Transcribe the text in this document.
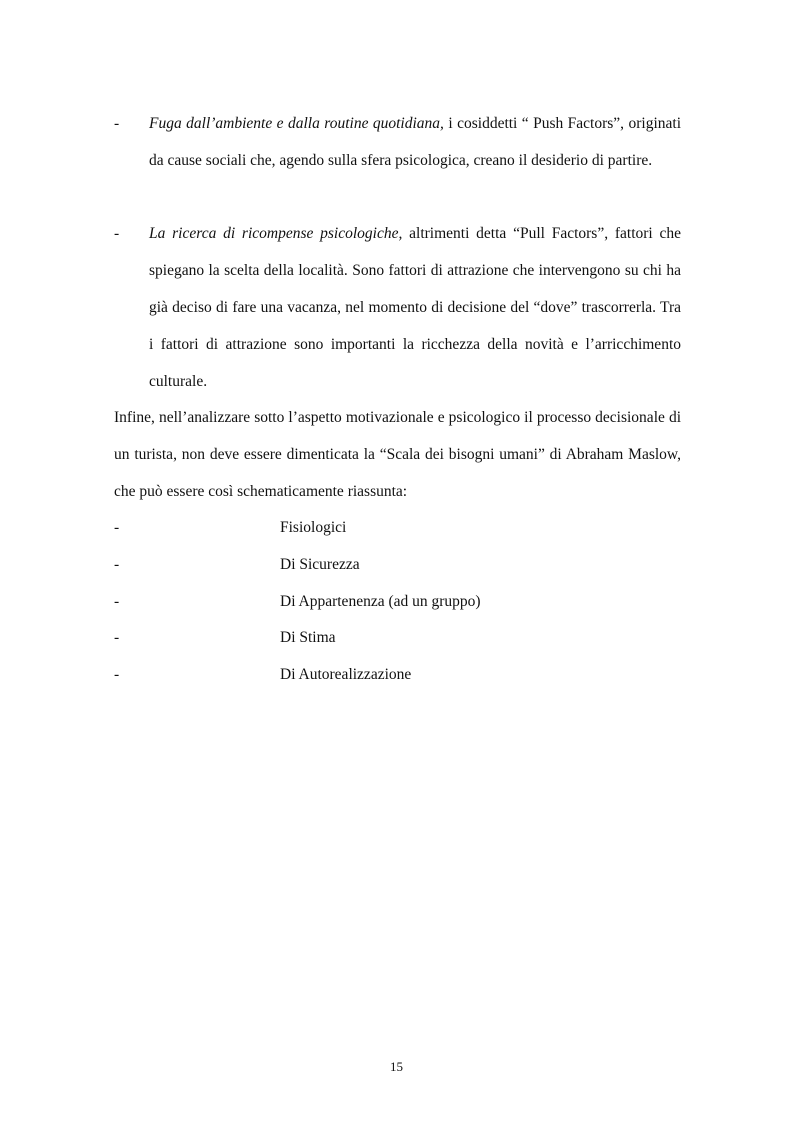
- Fuga dall’ambiente e dalla routine quotidiana, i cosiddetti “ Push Factors”, originati da cause sociali che, agendo sulla sfera psicologica, creano il desiderio di partire.
- La ricerca di ricompense psicologiche, altrimenti detta “Pull Factors”, fattori che spiegano la scelta della località. Sono fattori di attrazione che intervengono su chi ha già deciso di fare una vacanza, nel momento di decisione del “dove” trascorrerla. Tra i fattori di attrazione sono importanti la ricchezza della novità e l’arricchimento culturale.

Infine, nell’analizzare sotto l’aspetto motivazionale e psicologico il processo decisionale di un turista, non deve essere dimenticata la “Scala dei bisogni umani” di Abraham Maslow, che può essere così schematicamente riassunta:

-	Fisiologici
-	Di Sicurezza
-	Di Appartenenza (ad un gruppo)
-	Di Stima
-	Di Autorealizzazione
15
